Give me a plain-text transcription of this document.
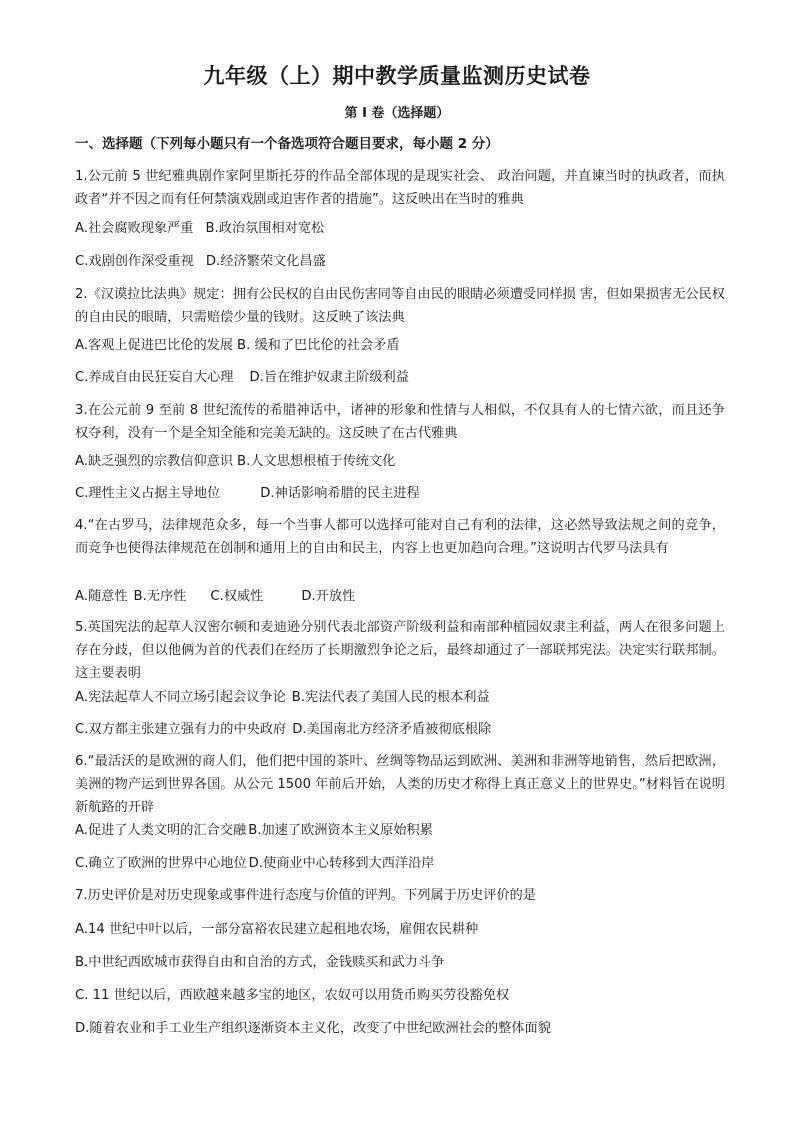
九年级（上）期中教学质量监测历史试卷
第 I 卷（选择题）
一、选择题（下列每小题只有一个备选项符合题目要求，每小题 2 分）
1.公元前 5 世纪雅典剧作家阿里斯托芬的作品全部体现的是现实社会、 政治问题，并直谏当时的执政者，而执政者“并不因之而有任何禁演戏剧或迫害作者的措施”。这反映出在当时的雅典
A.社会腐败现象严重 B.政治氛围相对宽松
C.戏剧创作深受重视 D.经济繁荣文化昌盛
2.《汉谟拉比法典》规定：拥有公民权的自由民伤害同等自由民的眼睛必须遭受同样损 害，但如果损害无公民权的自由民的眼睛，只需赔偿少量的钱财。这反映了该法典
A.客观上促进巴比伦的发展 B. 缓和了巴比伦的社会矛盾
C.养成自由民狂妄自大心理 D.旨在维护奴隶主阶级利益
3.在公元前 9 至前 8 世纪流传的希腊神话中，诸神的形象和性情与人相似，不仅具有人的七情六欲，而且还争权夺利，没有一个是全知全能和完美无缺的。这反映了在古代雅典
A.缺乏强烈的宗教信仰意识 B.人文思想根植于传统文化
C.理性主义占据主导地位	D.神话影响希腊的民主进程
4.“在古罗马，法律规范众多，每一个当事人都可以选择可能对自己有利的法律，这必然导致法规之间的竞争，而竞争也使得法律规范在创制和通用上的自由和民主，内容上也更加趋向合理。”这说明古代罗马法具有
A.随意性 B.无序性 C.权威性	D.开放性
5.英国宪法的起草人汉密尔顿和麦迪逊分别代表北部资产阶级利益和南部种植园奴隶主利益，两人在很多问题上存在分歧，但以他俩为首的代表们在经历了长期激烈争论之后，最终却通过了一部联邦宪法。决定实行联邦制。这主要表明
A.宪法起草人不同立场引起会议争论 B.宪法代表了美国人民的根本利益
C.双方都主张建立强有力的中央政府 D.美国南北方经济矛盾被彻底根除
6.“最活沃的是欧洲的商人们，他们把中国的茶叶、丝绸等物品运到欧洲、美洲和非洲等地销售，然后把欧洲，美洲的物产运到世界各国。从公元 1500 年前后开始，人类的历史才称得上真正意义上的世界史。”材料旨在说明新航路的开辟
A.促进了人类文明的汇合交融 B.加速了欧洲资本主义原始积累
C.确立了欧洲的世界中心地位 D.使商业中心转移到大西洋沿岸
7.历史评价是对历史现象或事件进行态度与价值的评判。下列属于历史评价的是
A.14 世纪中叶以后，一部分富裕农民建立起租地农场，雇佣农民耕种
B.中世纪西欧城市获得自由和自治的方式，金钱赎买和武力斗争
C. 11 世纪以后，西欧越来越多宝的地区，农奴可以用货币购买劳役豁免权
D.随着农业和手工业生产组织逐渐资本主义化，改变了中世纪欧洲社会的整体面貌
